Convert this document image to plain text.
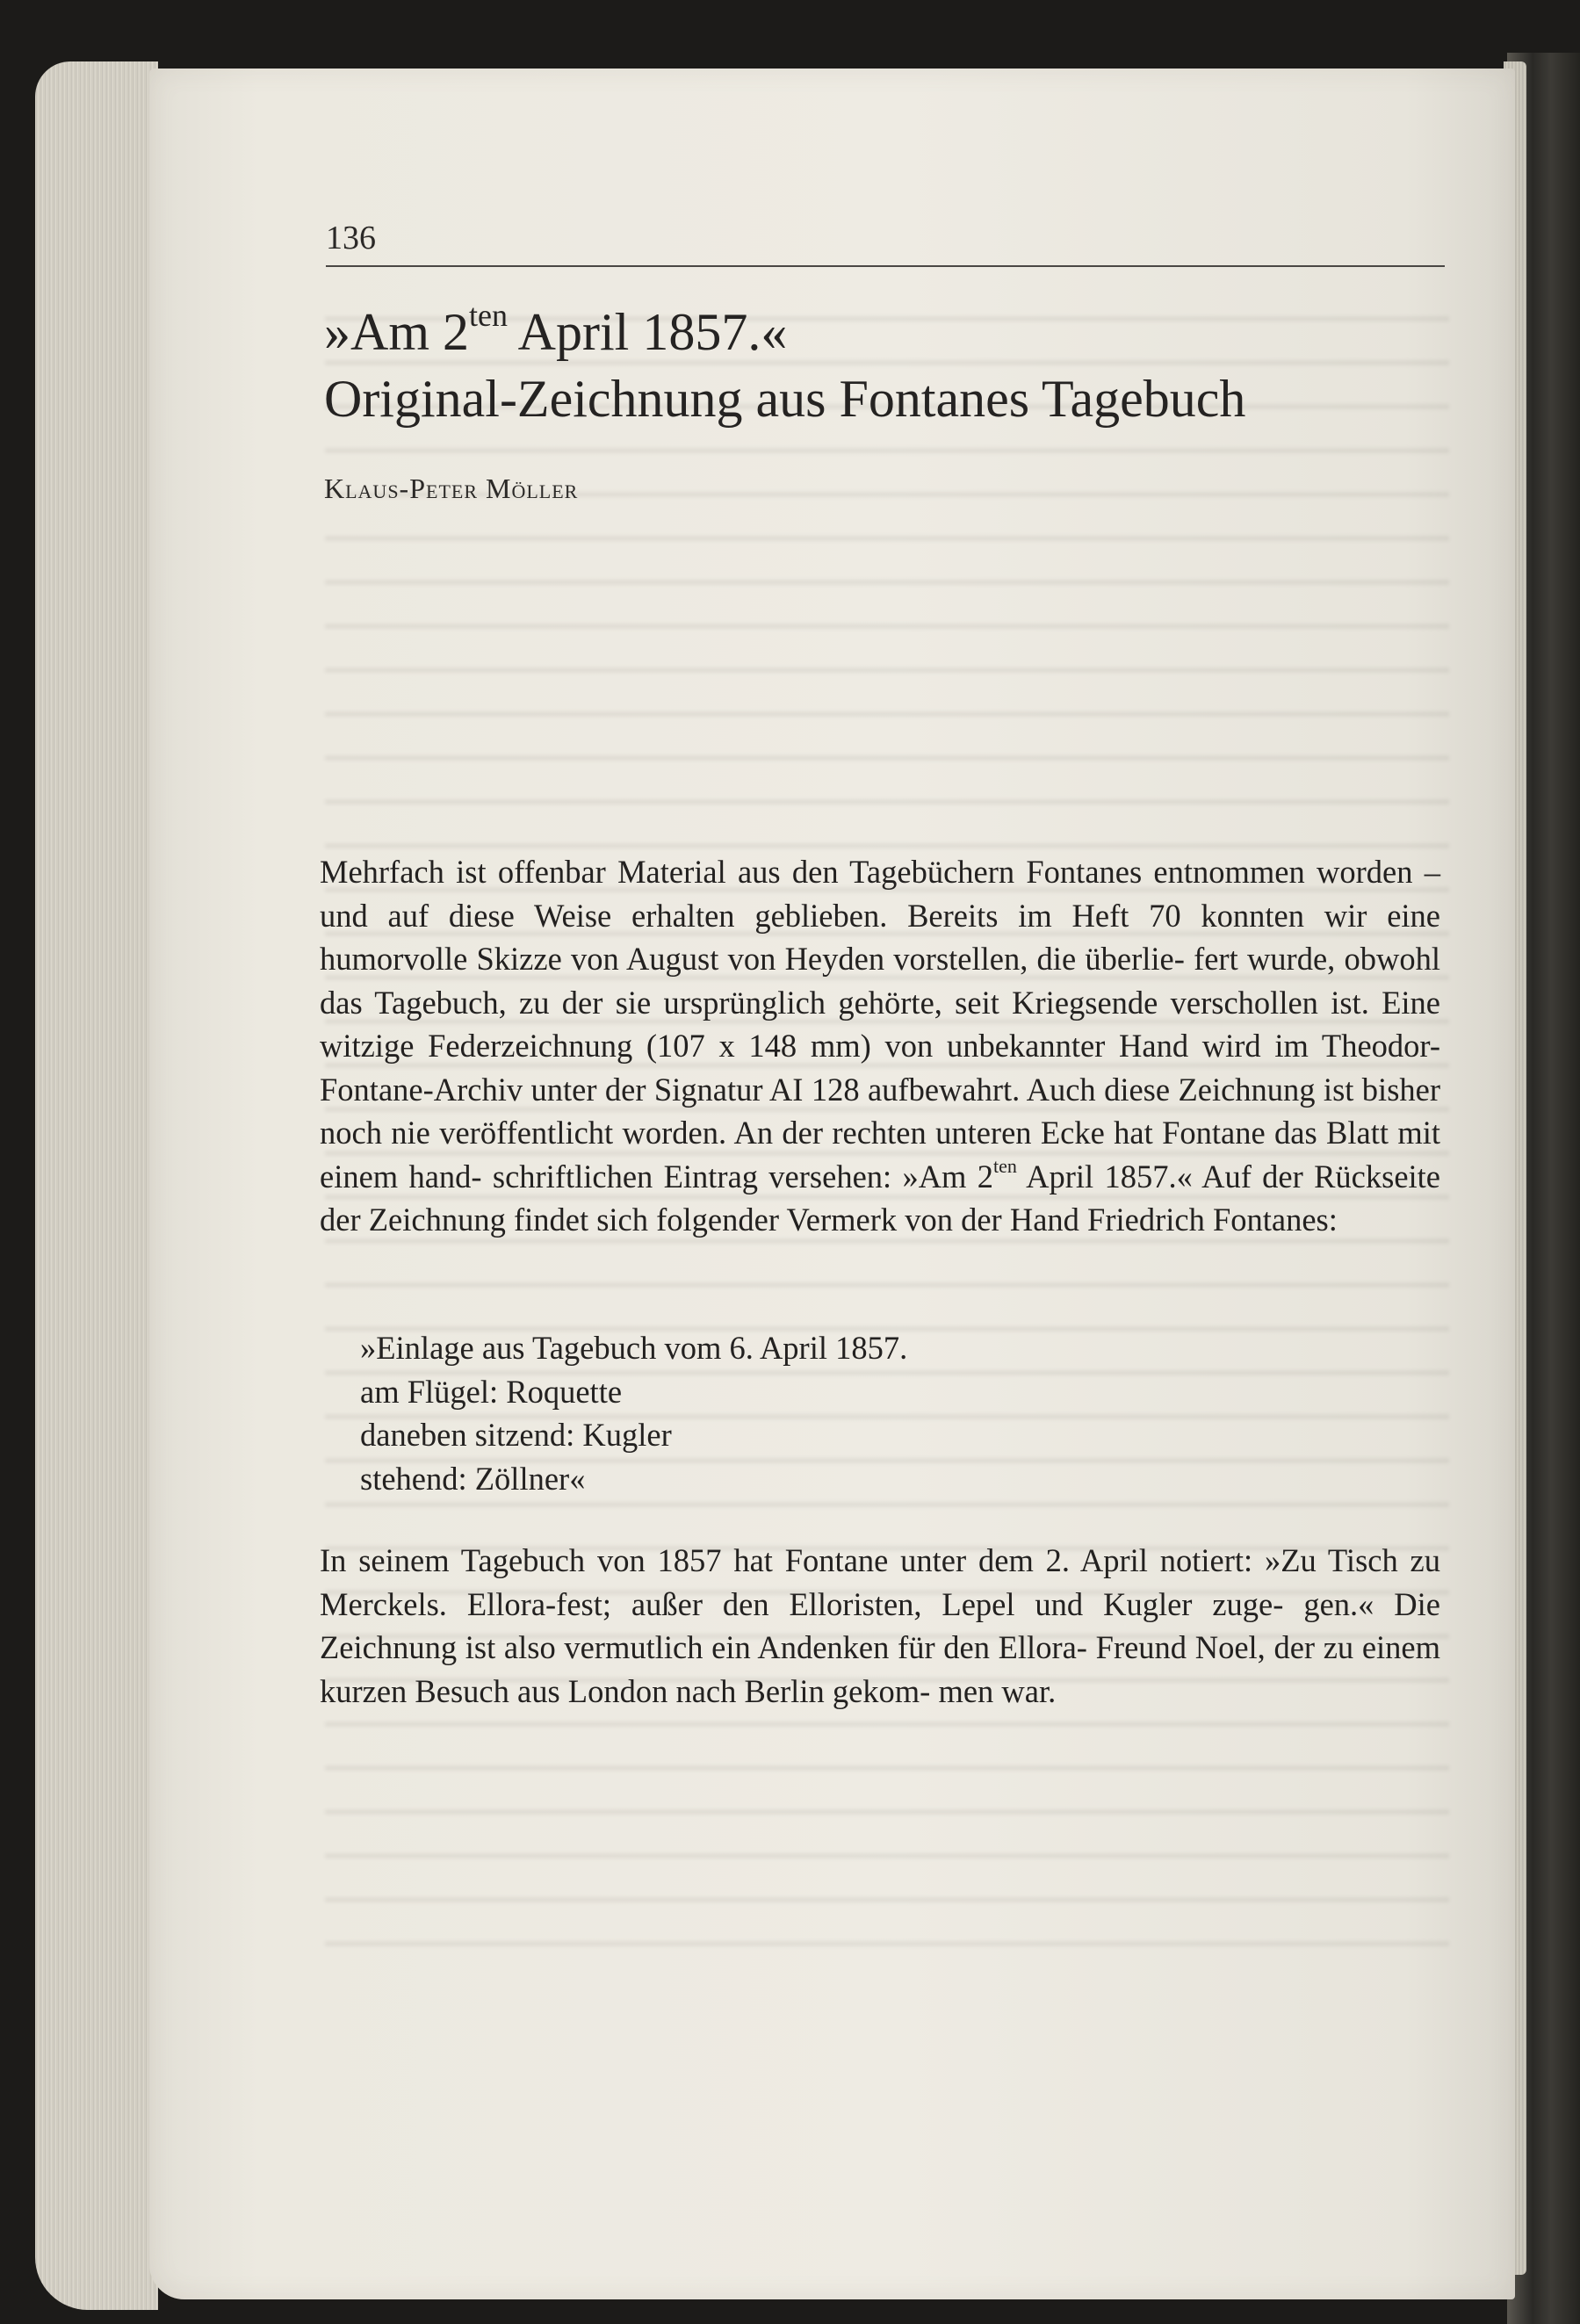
136
»Am $2^{ten}$ April 1857.«
Original-Zeichnung aus Fontanes Tagebuch
Klaus-Peter Möller

Mehrfach ist offenbar Material aus den Tagebüchern Fontanes entnommen worden – und auf diese Weise erhalten geblieben. Bereits im Heft 70 konnten wir eine humorvolle Skizze von August von Heyden vorstellen, die überlie- fert wurde, obwohl das Tagebuch, zu der sie ursprünglich gehörte, seit Kriegsende verschollen ist. Eine witzige Federzeichnung (107 x 148 mm) von unbekannter Hand wird im Theodor-Fontane-Archiv unter der Signatur AI 128 aufbewahrt. Auch diese Zeichnung ist bisher noch nie veröffentlicht worden. An der rechten unteren Ecke hat Fontane das Blatt mit einem hand- schriftlichen Eintrag versehen: »Am $2^{ten}$ April 1857.« Auf der Rückseite der Zeichnung findet sich folgender Vermerk von der Hand Friedrich Fontanes:

»Einlage aus Tagebuch vom 6. April 1857.
am Flügel: Roquette
daneben sitzend: Kugler
stehend: Zöllner«

In seinem Tagebuch von 1857 hat Fontane unter dem 2. April notiert: »Zu Tisch zu Merckels. Ellora-fest; außer den Elloristen, Lepel und Kugler zuge- gen.« Die Zeichnung ist also vermutlich ein Andenken für den Ellora- Freund Noel, der zu einem kurzen Besuch aus London nach Berlin gekom- men war.
